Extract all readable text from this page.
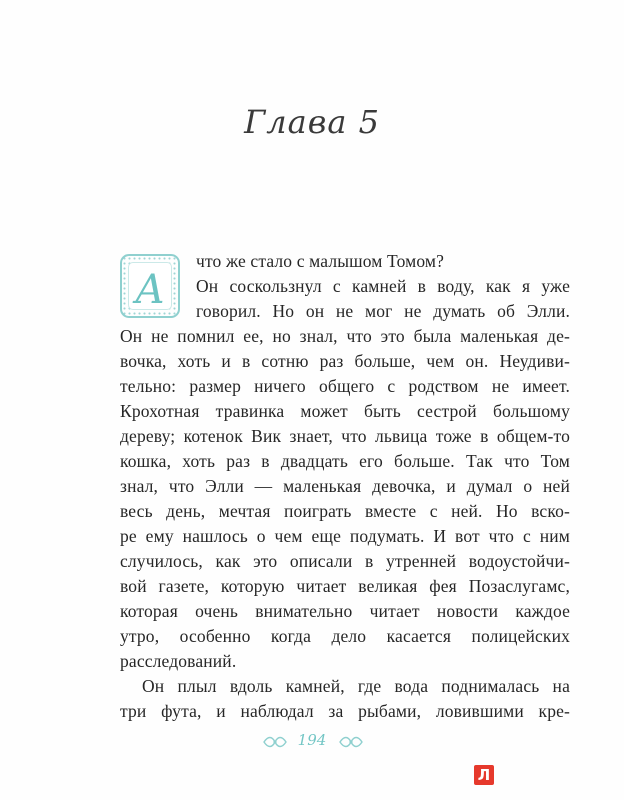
Глава 5
А
что же стало с малышом Томом?
Он соскользнул с камней в воду, как я уже
говорил. Но он не мог не думать об Элли.
Он не помнил ее, но знал, что это была маленькая де-
вочка, хоть и в сотню раз больше, чем он. Неудиви-
тельно: размер ничего общего с родством не имеет.
Крохотная травинка может быть сестрой большому
дереву; котенок Вик знает, что львица тоже в общем-то
кошка, хоть раз в двадцать его больше. Так что Том
знал, что Элли — маленькая девочка, и думал о ней
весь день, мечтая поиграть вместе с ней. Но вско-
ре ему нашлось о чем еще подумать. И вот что с ним
случилось, как это описали в утренней водоустойчи-
вой газете, которую читает великая фея Позаслугамс,
которая очень внимательно читает новости каждое
утро, особенно когда дело касается полицейских
расследований.
Он плыл вдоль камней, где вода поднималась на
три фута, и наблюдал за рыбами, ловившими кре-
194
Л
